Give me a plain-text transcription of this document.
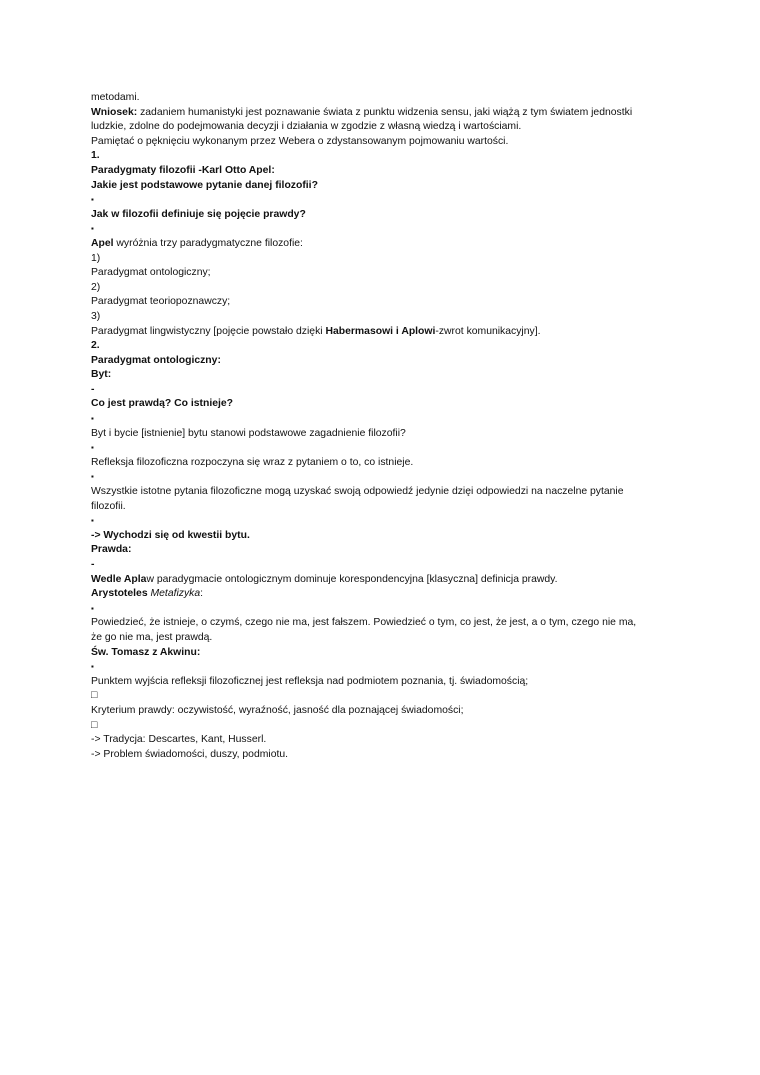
metodami.

Wniosek: zadaniem humanistyki jest poznawanie świata z punktu widzenia sensu, jaki wiążą z tym światem jednostki

ludzkie, zdolne do podejmowania decyzji i działania w zgodzie z własną wiedzą i wartościami.

Pamiętać o pęknięciu wykonanym przez Webera o zdystansowanym pojmowaniu wartości.

1.

Paradygmaty filozofii -Karl Otto Apel:

Jakie jest podstawowe pytanie danej filozofii?

▪

Jak w filozofii definiuje się pojęcie prawdy?

▪

Apel wyróżnia trzy paradygmatyczne filozofie:

1)

Paradygmat ontologiczny;

2)

Paradygmat teoriopoznawczy;

3)

Paradygmat lingwistyczny [pojęcie powstało dzięki Habermasowi i Aplowi-zwrot komunikacyjny].

2.

Paradygmat ontologiczny:

Byt:

-

Co jest prawdą? Co istnieje?

▪

Byt i bycie [istnienie] bytu stanowi podstawowe zagadnienie filozofii?

▪

Refleksja filozoficzna rozpoczyna się wraz z pytaniem o to, co istnieje.

▪

Wszystkie istotne pytania filozoficzne mogą uzyskać swoją odpowiedź jedynie dzięi odpowiedzi na naczelne pytanie

filozofii.

▪

-> Wychodzi się od kwestii bytu.

Prawda:

-

Wedle Aplaw paradygmacie ontologicznym dominuje korespondencyjna [klasyczna] definicja prawdy.

Arystoteles Metafizyka:

▪

Powiedzieć, że istnieje, o czymś, czego nie ma, jest fałszem. Powiedzieć o tym, co jest, że jest, a o tym, czego nie ma,

że go nie ma, jest prawdą.

Św. Tomasz z Akwinu:

▪

Punktem wyjścia refleksji filozoficznej jest refleksja nad podmiotem poznania, tj. świadomością;

□

Kryterium prawdy: oczywistość, wyraźność, jasność dla poznającej świadomości;

□

-> Tradycja: Descartes, Kant, Husserl.

-> Problem świadomości, duszy, podmiotu.
